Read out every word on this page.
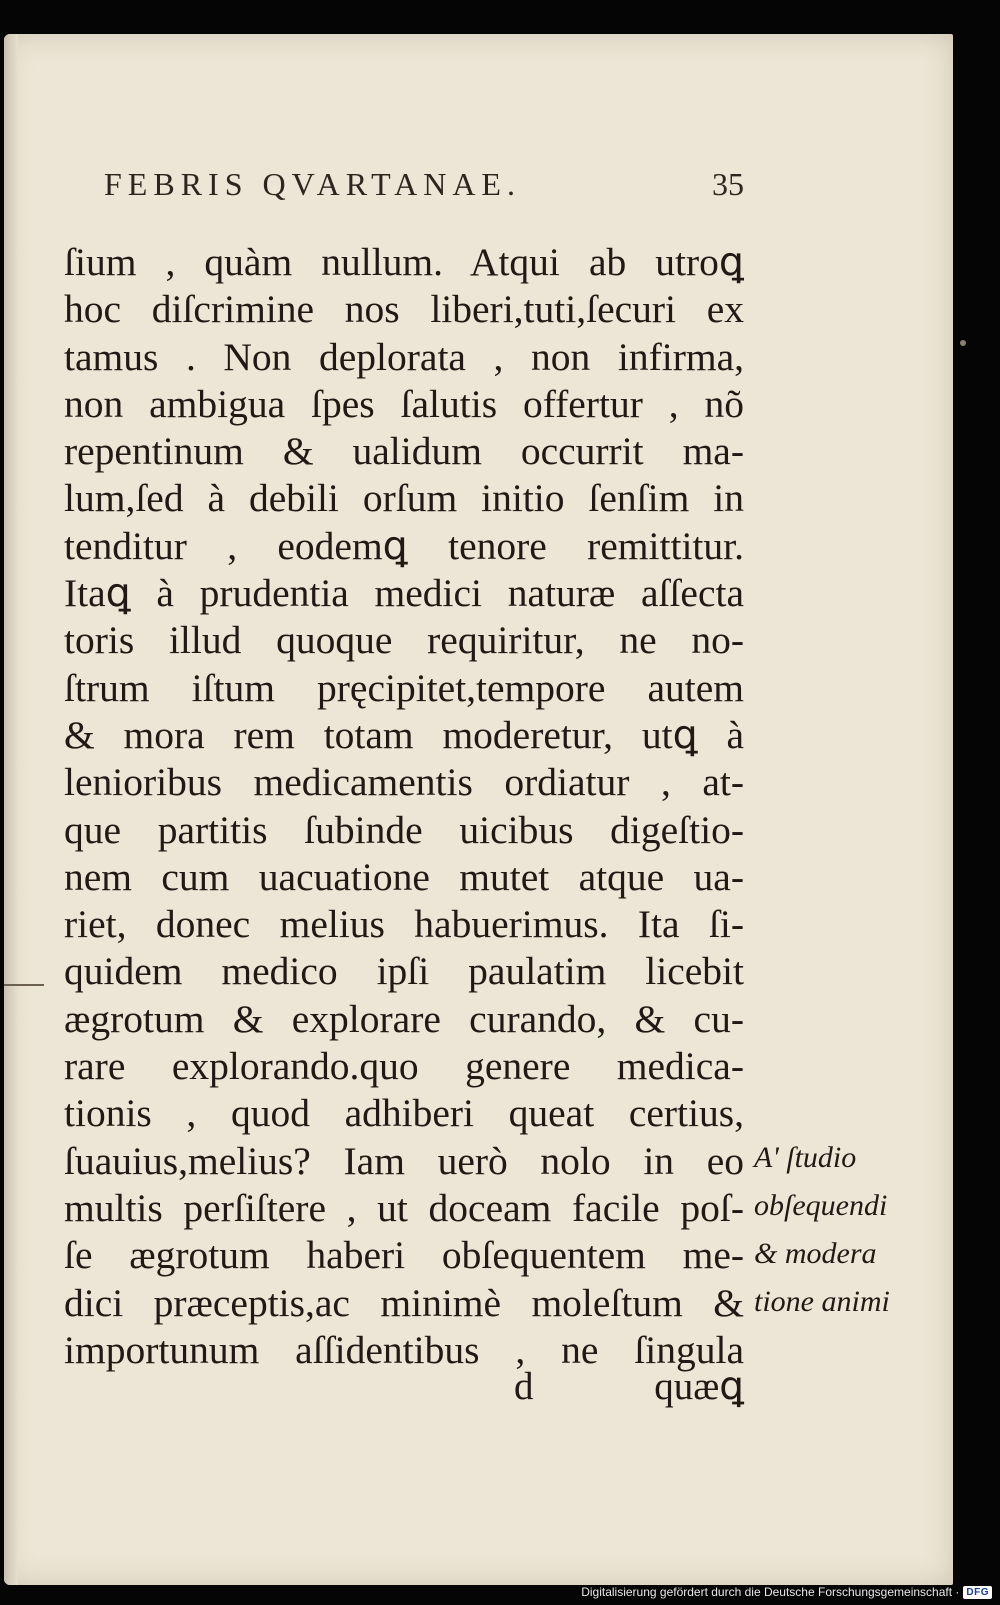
FEBRIS QVARTANAE.	35
ſium , quàm nullum. Atqui ab utroꝗ
hoc diſcrimine nos liberi,tuti,ſecuri ex
tamus . Non deplorata , non infirma,
non ambigua ſpes ſalutis offertur , nõ
repentinum & ualidum occurrit ma-
lum,ſed à debili orſum initio ſenſim in
tenditur , eodemꝗ tenore remittitur.
Itaꝗ à prudentia medici naturæ aſſecta
toris illud quoque requiritur, ne no-
ſtrum iſtum pręcipitet,tempore autem
& mora rem totam moderetur, utꝗ à
lenioribus medicamentis ordiatur , at-
que partitis ſubinde uicibus digeſtio-
nem cum uacuatione mutet atque ua-
riet, donec melius habuerimus. Ita ſi-
quidem medico ipſi paulatim licebit
ægrotum & explorare curando, & cu-
rare explorando.quo genere medica-
tionis , quod adhiberi queat certius,
ſuauius,melius? Iam uerò nolo in eo
multis perſiſtere , ut doceam facile poſ-
ſe ægrotum haberi obſequentem me-
dici præceptis,ac minimè moleſtum &
importunum aſſidentibus , ne ſingula
A' ſtudio
obſequendi
& modera
tione animi
d	quæꝗ
Digitalisierung gefördert durch die Deutsche Forschungsgemeinschaft · DFG
